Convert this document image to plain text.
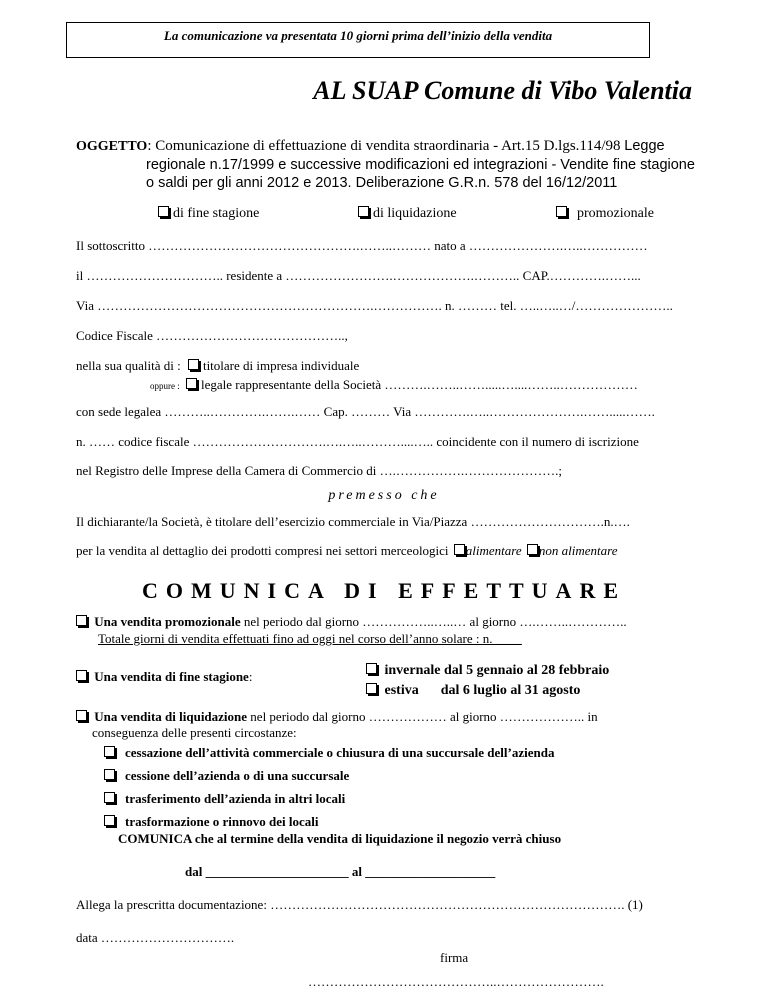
La comunicazione va presentata 10 giorni prima dell’inizio della vendita
AL SUAP Comune di Vibo Valentia
OGGETTO: Comunicazione di effettuazione di vendita straordinaria - Art.15 D.lgs.114/98 Legge
regionale n.17/1999 e successive modificazioni ed integrazioni - Vendite fine stagione
o saldi per gli anni 2012 e 2013. Deliberazione G.R.n. 578 del 16/12/2011
di fine stagione	di liquidazione	promozionale
Il sottoscritto ………………………………………….……..……… nato a ………………….…..……………
il ………………………….. residente a …………………….……………….……….. CAP.………….……...
Via ……………………………………………………….……………. n. ……… tel. …..…..…/…………………..
Codice Fiscale ……………………………………..,
nella sua qualità di : titolare di impresa individuale
oppure : legale rappresentante della Società ……….……..…….....…....……..………………
con sede legalea ………..………….…….…… Cap. ……… Via ………….…..………………….…….....…….
n. …… codice fiscale ………………………….….…..………....….. coincidente con il numero di iscrizione
nel Registro delle Imprese della Camera di Commercio di ….…………….………………….;
premesso che
Il dichiarante/la Società, è titolare dell’esercizio commerciale in Via/Piazza ………………………….n.….
per la vendita al dettaglio dei prodotti compresi nei settori merceologici alimentare non alimentare
COMUNICA DI EFFETTUARE
Una vendita promozionale nel periodo dal giorno ……………..…..… al giorno ….……..…………..
Totale giorni di vendita effettuati fino ad oggi nel corso dell’anno solare : n. ____
Una vendita di fine stagione:	invernale dal 5 gennaio al 28 febbraio
estiva dal 6 luglio al 31 agosto
Una vendita di liquidazione nel periodo dal giorno ……………… al giorno ……………….. in
conseguenza delle presenti circostanze:
cessazione dell’attività commerciale o chiusura di una succursale dell’azienda
cessione dell’azienda o di una succursale
trasferimento dell’azienda in altri locali
trasformazione o rinnovo dei locali
COMUNICA che al termine della vendita di liquidazione il negozio verrà chiuso
dal ______________________ al ____________________
Allega la prescritta documentazione: ………………………………………………………………………. (1)
data ………………………….
firma
……………………………………..…………………….
